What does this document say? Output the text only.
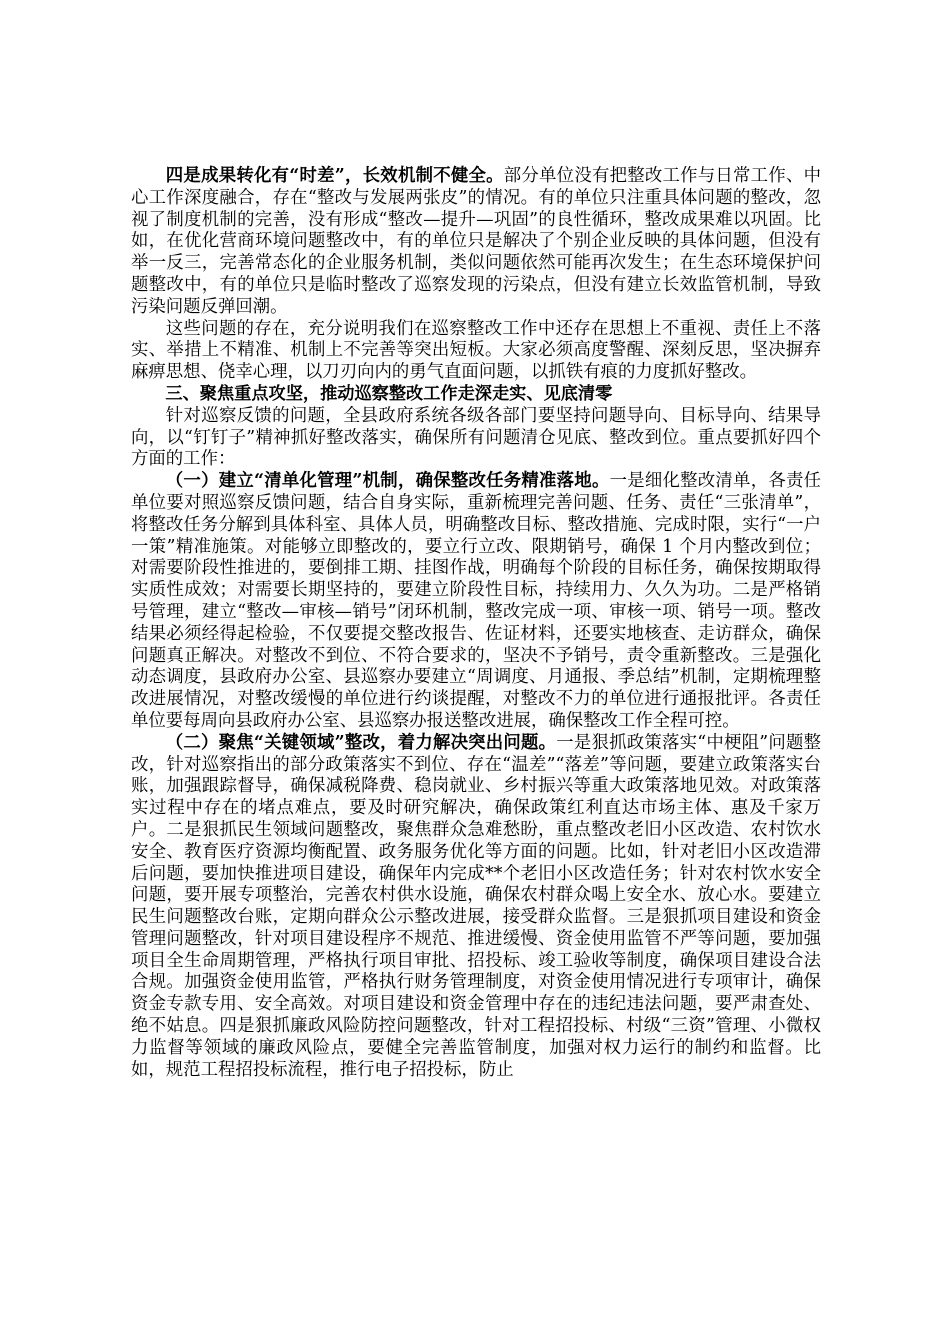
四是成果转化有“时差”，长效机制不健全。部分单位没有把整改工作与日常工作、中心工作深度融合，存在“整改与发展两张皮”的情况。有的单位只注重具体问题的整改，忽视了制度机制的完善，没有形成“整改—提升—巩固”的良性循环，整改成果难以巩固。比如，在优化营商环境问题整改中，有的单位只是解决了个别企业反映的具体问题，但没有举一反三，完善常态化的企业服务机制，类似问题依然可能再次发生；在生态环境保护问题整改中，有的单位只是临时整改了巡察发现的污染点，但没有建立长效监管机制，导致污染问题反弹回潮。

这些问题的存在，充分说明我们在巡察整改工作中还存在思想上不重视、责任上不落实、举措上不精准、机制上不完善等突出短板。大家必须高度警醒、深刻反思，坚决摒弃麻痹思想、侥幸心理，以刀刃向内的勇气直面问题，以抓铁有痕的力度抓好整改。

三、聚焦重点攻坚，推动巡察整改工作走深走实、见底清零

针对巡察反馈的问题，全县政府系统各级各部门要坚持问题导向、目标导向、结果导向，以“钉钉子”精神抓好整改落实，确保所有问题清仓见底、整改到位。重点要抓好四个方面的工作：

（一）建立“清单化管理”机制，确保整改任务精准落地。一是细化整改清单，各责任单位要对照巡察反馈问题，结合自身实际，重新梳理完善问题、任务、责任“三张清单”，将整改任务分解到具体科室、具体人员，明确整改目标、整改措施、完成时限，实行“一户一策”精准施策。对能够立即整改的，要立行立改、限期销号，确保 1 个月内整改到位；对需要阶段性推进的，要倒排工期、挂图作战，明确每个阶段的目标任务，确保按期取得实质性成效；对需要长期坚持的，要建立阶段性目标，持续用力、久久为功。二是严格销号管理，建立“整改—审核—销号”闭环机制，整改完成一项、审核一项、销号一项。整改结果必须经得起检验，不仅要提交整改报告、佐证材料，还要实地核查、走访群众，确保问题真正解决。对整改不到位、不符合要求的，坚决不予销号，责令重新整改。三是强化动态调度，县政府办公室、县巡察办要建立“周调度、月通报、季总结”机制，定期梳理整改进展情况，对整改缓慢的单位进行约谈提醒，对整改不力的单位进行通报批评。各责任单位要每周向县政府办公室、县巡察办报送整改进展，确保整改工作全程可控。

（二）聚焦“关键领域”整改，着力解决突出问题。一是狠抓政策落实“中梗阻”问题整改，针对巡察指出的部分政策落实不到位、存在“温差”“落差”等问题，要建立政策落实台账，加强跟踪督导，确保减税降费、稳岗就业、乡村振兴等重大政策落地见效。对政策落实过程中存在的堵点难点，要及时研究解决，确保政策红利直达市场主体、惠及千家万户。二是狠抓民生领域问题整改，聚焦群众急难愁盼，重点整改老旧小区改造、农村饮水安全、教育医疗资源均衡配置、政务服务优化等方面的问题。比如，针对老旧小区改造滞后问题，要加快推进项目建设，确保年内完成**个老旧小区改造任务；针对农村饮水安全问题，要开展专项整治，完善农村供水设施，确保农村群众喝上安全水、放心水。要建立民生问题整改台账，定期向群众公示整改进展，接受群众监督。三是狠抓项目建设和资金管理问题整改，针对项目建设程序不规范、推进缓慢、资金使用监管不严等问题，要加强项目全生命周期管理，严格执行项目审批、招投标、竣工验收等制度，确保项目建设合法合规。加强资金使用监管，严格执行财务管理制度，对资金使用情况进行专项审计，确保资金专款专用、安全高效。对项目建设和资金管理中存在的违纪违法问题，要严肃查处、绝不姑息。四是狠抓廉政风险防控问题整改，针对工程招投标、村级“三资”管理、小微权力监督等领域的廉政风险点，要健全完善监管制度，加强对权力运行的制约和监督。比如，规范工程招投标流程，推行电子招投标，防止
